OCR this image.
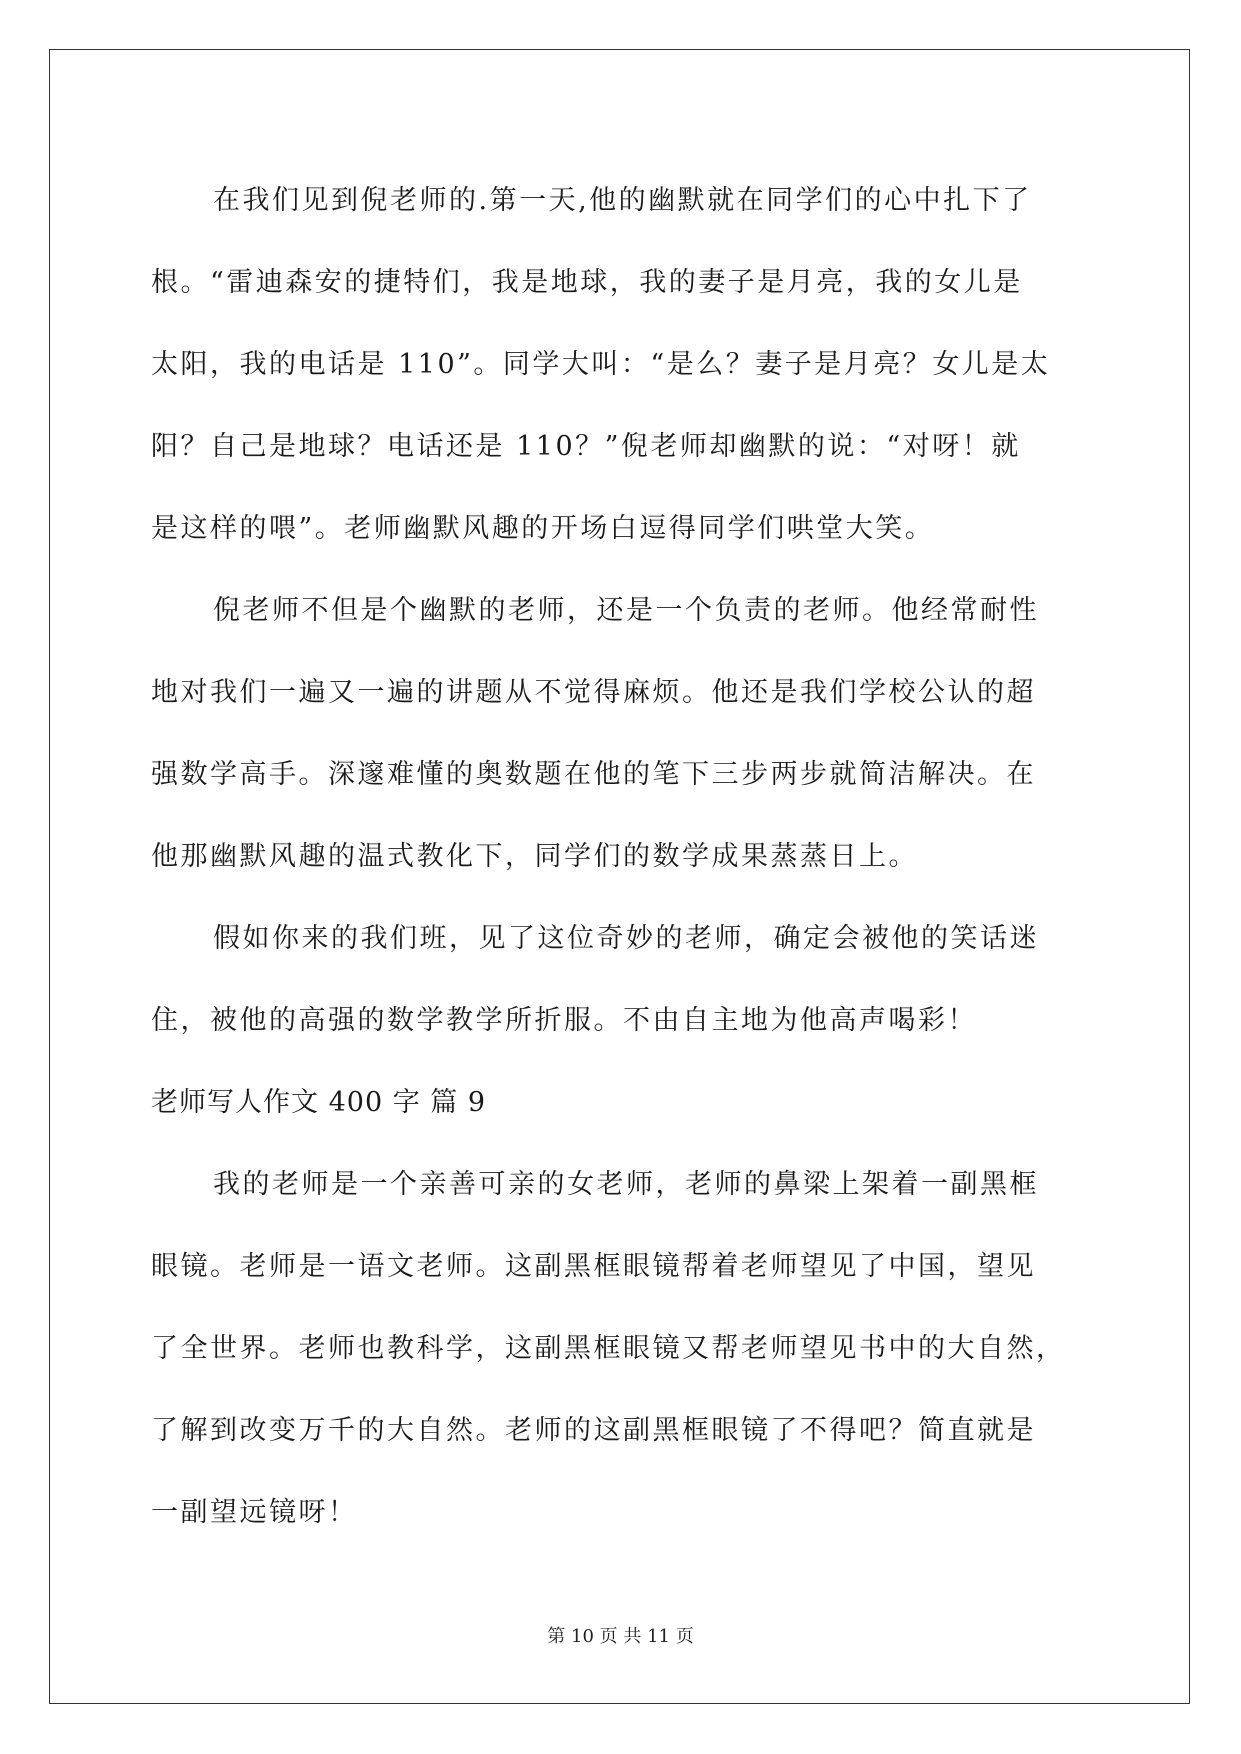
在我们见到倪老师的.第一天,他的幽默就在同学们的心中扎下了
根。“雷迪森安的捷特们，我是地球，我的妻子是月亮，我的女儿是
太阳，我的电话是 110”。同学大叫：“是么？妻子是月亮？女儿是太
阳？自己是地球？电话还是 110？”倪老师却幽默的说：“对呀！就
是这样的喂”。老师幽默风趣的开场白逗得同学们哄堂大笑。
倪老师不但是个幽默的老师，还是一个负责的老师。他经常耐性
地对我们一遍又一遍的讲题从不觉得麻烦。他还是我们学校公认的超
强数学高手。深邃难懂的奥数题在他的笔下三步两步就简洁解决。在
他那幽默风趣的温式教化下，同学们的数学成果蒸蒸日上。
假如你来的我们班，见了这位奇妙的老师，确定会被他的笑话迷
住，被他的高强的数学教学所折服。不由自主地为他高声喝彩！
老师写人作文 400 字 篇 9
我的老师是一个亲善可亲的女老师，老师的鼻梁上架着一副黑框
眼镜。老师是一语文老师。这副黑框眼镜帮着老师望见了中国，望见
了全世界。老师也教科学，这副黑框眼镜又帮老师望见书中的大自然，
了解到改变万千的大自然。老师的这副黑框眼镜了不得吧？简直就是
一副望远镜呀！
第 10 页 共 11 页
